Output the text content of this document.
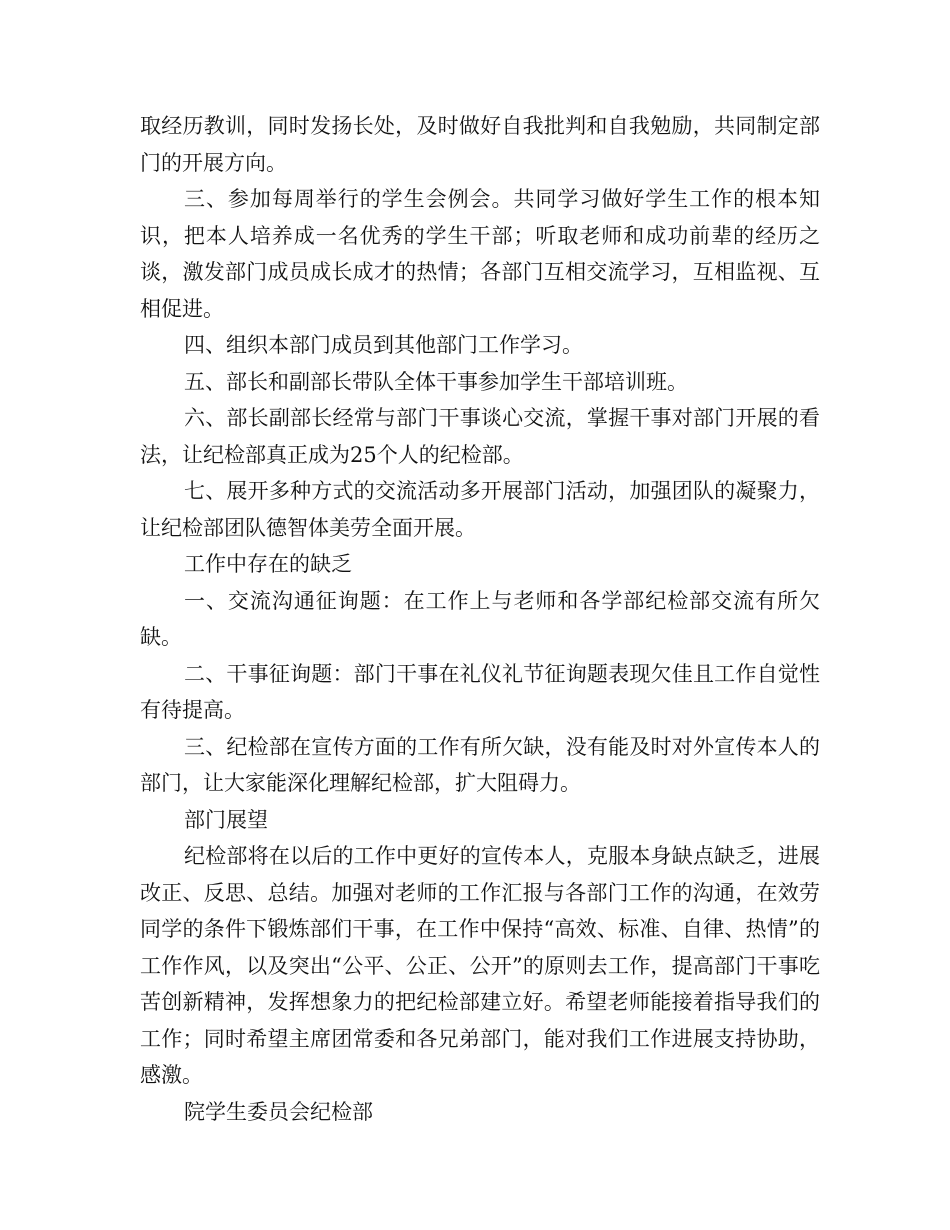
取经历教训，同时发扬长处，及时做好自我批判和自我勉励，共同制定部门的开展方向。

三、参加每周举行的学生会例会。共同学习做好学生工作的根本知识，把本人培养成一名优秀的学生干部；听取老师和成功前辈的经历之谈，激发部门成员成长成才的热情；各部门互相交流学习，互相监视、互相促进。

四、组织本部门成员到其他部门工作学习。

五、部长和副部长带队全体干事参加学生干部培训班。

六、部长副部长经常与部门干事谈心交流，掌握干事对部门开展的看法，让纪检部真正成为25个人的纪检部。

七、展开多种方式的交流活动多开展部门活动，加强团队的凝聚力，让纪检部团队德智体美劳全面开展。

工作中存在的缺乏

一、交流沟通征询题：在工作上与老师和各学部纪检部交流有所欠缺。

二、干事征询题：部门干事在礼仪礼节征询题表现欠佳且工作自觉性有待提高。

三、纪检部在宣传方面的工作有所欠缺，没有能及时对外宣传本人的部门，让大家能深化理解纪检部，扩大阻碍力。

部门展望

纪检部将在以后的工作中更好的宣传本人，克服本身缺点缺乏，进展改正、反思、总结。加强对老师的工作汇报与各部门工作的沟通，在效劳同学的条件下锻炼部们干事，在工作中保持“高效、标准、自律、热情”的工作作风，以及突出“公平、公正、公开”的原则去工作，提高部门干事吃苦创新精神，发挥想象力的把纪检部建立好。希望老师能接着指导我们的工作；同时希望主席团常委和各兄弟部门，能对我们工作进展支持协助，感激。

院学生委员会纪检部
